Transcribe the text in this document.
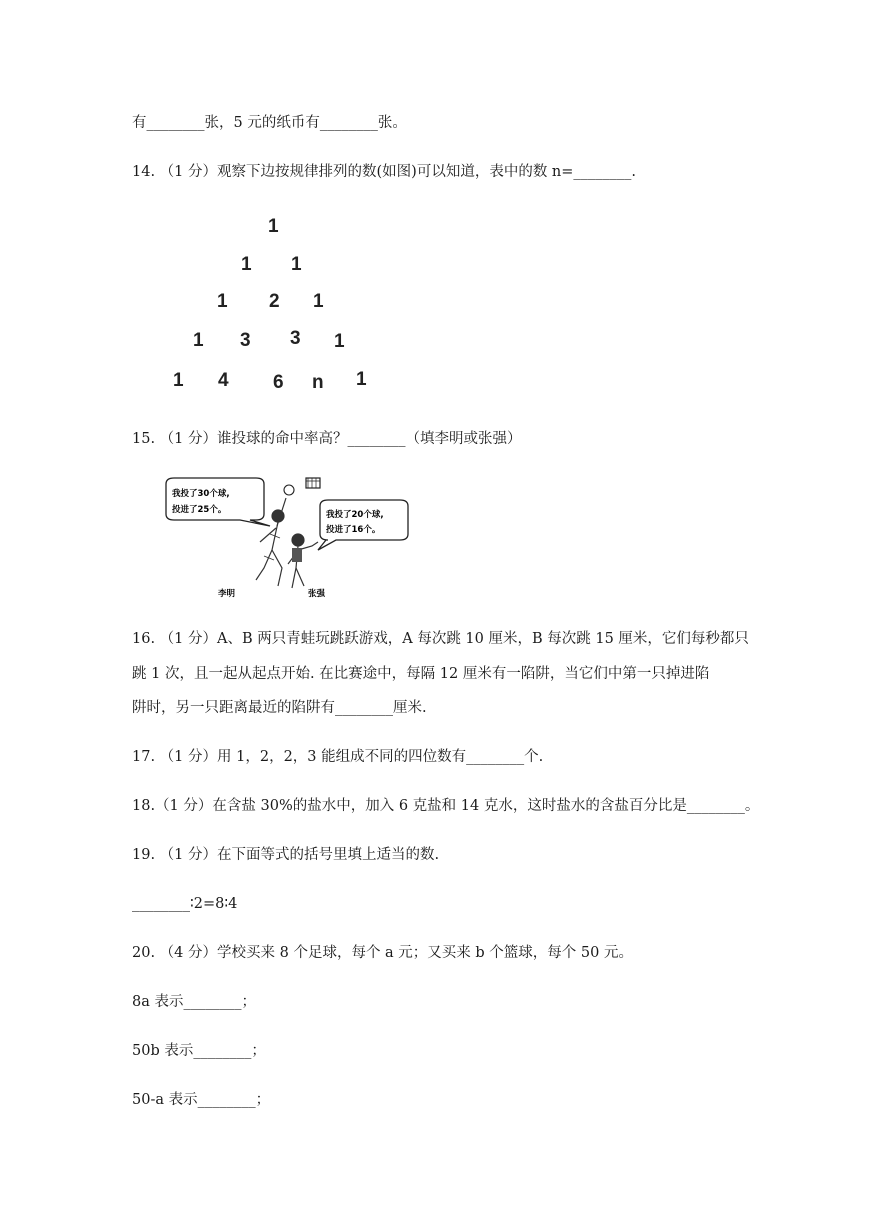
有________张，5 元的纸币有________张。
14. （1 分）观察下边按规律排列的数(如图)可以知道，表中的数 n=________.
1
1 1
1 2 1
1 3 3 1
1 4 6 n 1
15. （1 分）谁投球的命中率高？________（填李明或张强）
我投了30个球,
投进了25个。	我投了20个球,
投进了16个。
李明	张强
16. （1 分）A、B 两只青蛙玩跳跃游戏，A 每次跳 10 厘米，B 每次跳 15 厘米，它们每秒都只
跳 1 次，且一起从起点开始. 在比赛途中，每隔 12 厘米有一陷阱，当它们中第一只掉进陷
阱时，另一只距离最近的陷阱有________厘米.
17. （1 分）用 1，2，2，3 能组成不同的四位数有________个.
18.（1 分）在含盐 30%的盐水中，加入 6 克盐和 14 克水，这时盐水的含盐百分比是________。
19. （1 分）在下面等式的括号里填上适当的数.
________∶2=8∶4
20. （4 分）学校买来 8 个足球，每个 a 元；又买来 b 个篮球，每个 50 元。
8a 表示________；
50b 表示________；
50-a 表示________；
